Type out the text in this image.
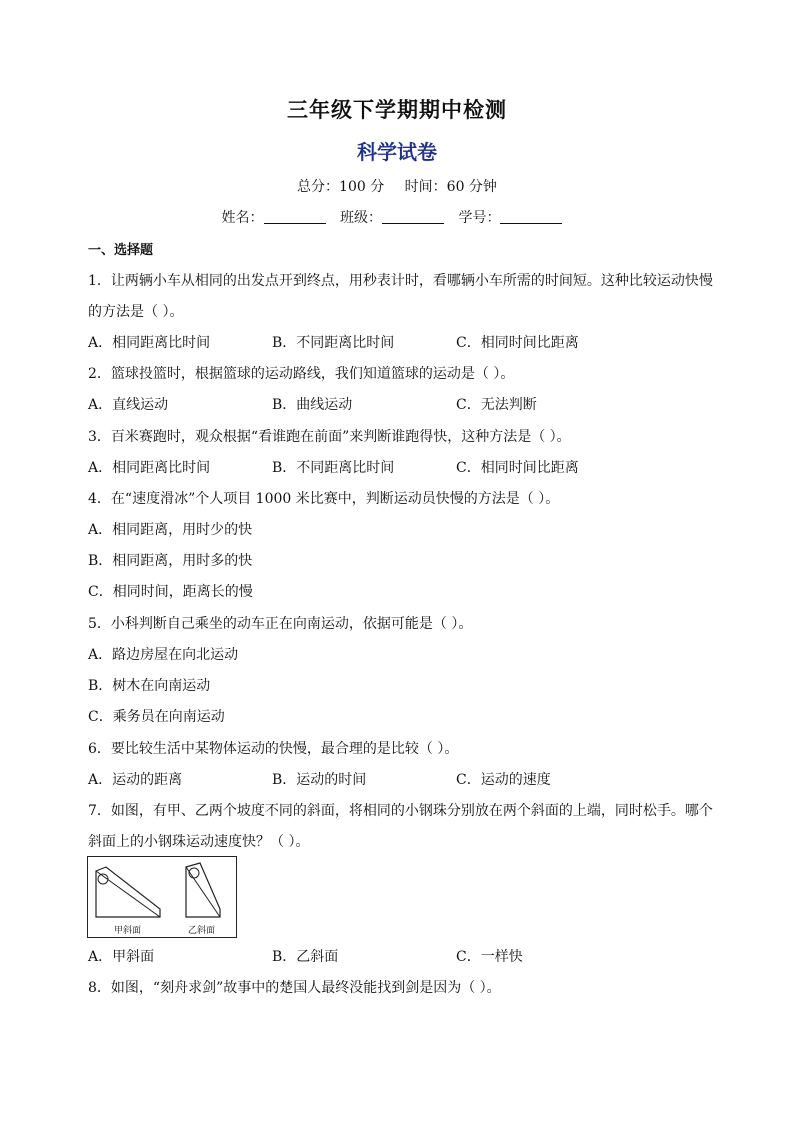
三年级下学期期中检测
科学试卷
总分：100 分 时间：60 分钟
姓名：	班级：	学号：
一、选择题
1．让两辆小车从相同的出发点开到终点，用秒表计时，看哪辆小车所需的时间短。这种比较运动快慢
的方法是（ ）。
A．相同距离比时间	B．不同距离比时间	C．相同时间比距离
2．篮球投篮时，根据篮球的运动路线，我们知道篮球的运动是（ ）。
A．直线运动	B．曲线运动	C．无法判断
3．百米赛跑时，观众根据“看谁跑在前面”来判断谁跑得快，这种方法是（ ）。
A．相同距离比时间	B．不同距离比时间	C．相同时间比距离
4．在“速度滑冰”个人项目 1000 米比赛中，判断运动员快慢的方法是（ ）。
A．相同距离，用时少的快
B．相同距离，用时多的快
C．相同时间，距离长的慢
5．小科判断自己乘坐的动车正在向南运动，依据可能是（ ）。
A．路边房屋在向北运动
B．树木在向南运动
C．乘务员在向南运动
6．要比较生活中某物体运动的快慢，最合理的是比较（ ）。
A．运动的距离	B．运动的时间	C．运动的速度
7．如图，有甲、乙两个坡度不同的斜面，将相同的小钢珠分别放在两个斜面的上端，同时松手。哪个
斜面上的小钢珠运动速度快？（ ）。
甲斜面	乙斜面
A．甲斜面	B．乙斜面	C．一样快
8．如图，“刻舟求剑”故事中的楚国人最终没能找到剑是因为（ ）。
